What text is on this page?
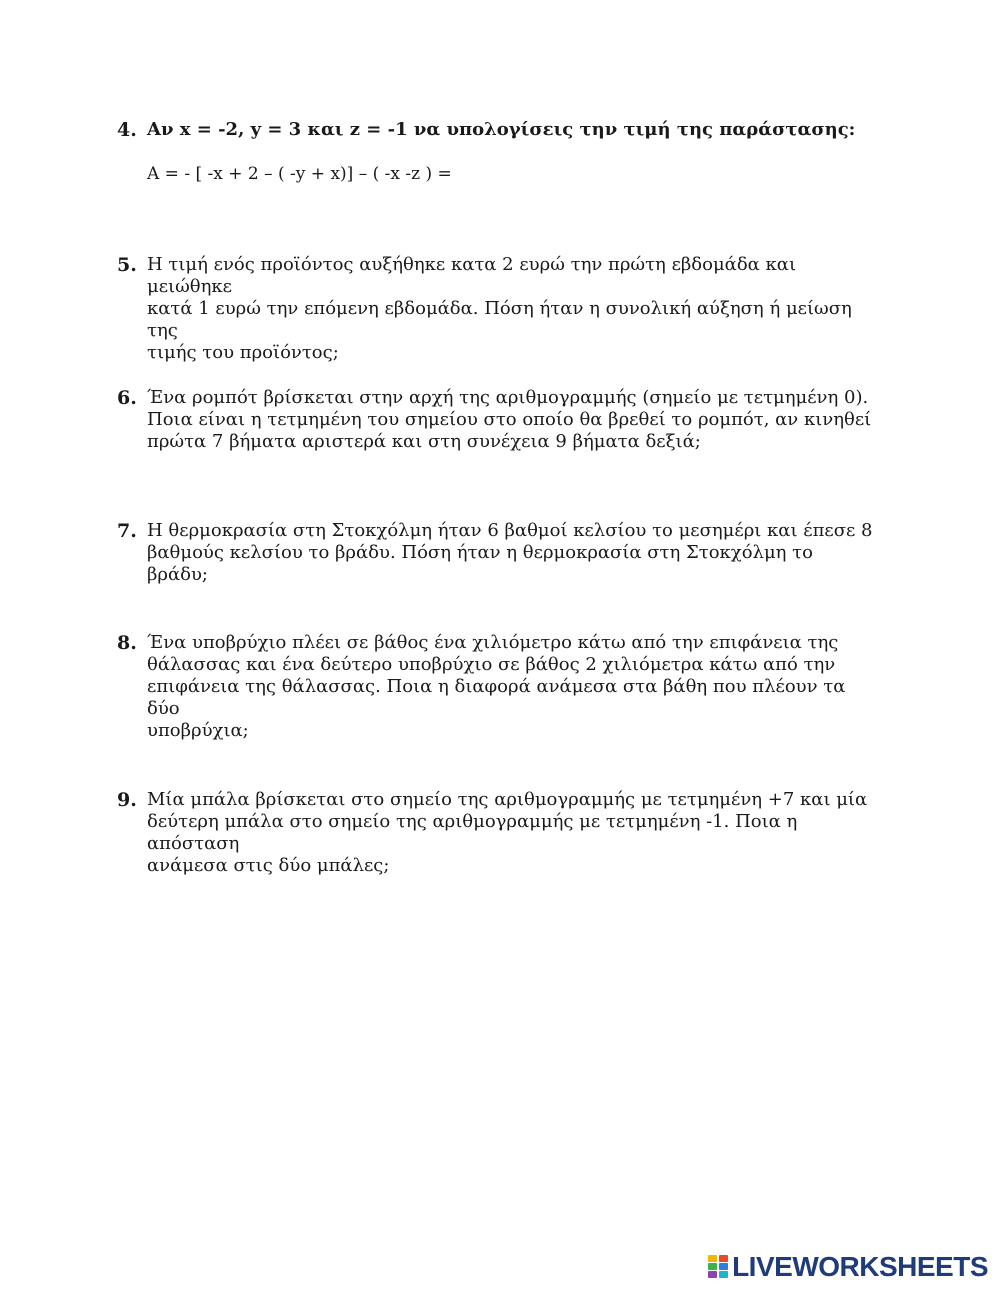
4. Αν x = -2, y = 3 και z = -1 να υπολογίσεις την τιμή της παράστασης:
Α = - [ -x + 2 – ( -y + x)] – ( -x -z ) =
5. Η τιμή ενός προϊόντος αυξήθηκε κατα 2 ευρώ την πρώτη εβδομάδα και μειώθηκε
κατά 1 ευρώ την επόμενη εβδομάδα. Πόση ήταν η συνολική αύξηση ή μείωση της
τιμής του προϊόντος;
6. Ένα ρομπότ βρίσκεται στην αρχή της αριθμογραμμής (σημείο με τετμημένη 0).
Ποια είναι η τετμημένη του σημείου στο οποίο θα βρεθεί το ρομπότ, αν κινηθεί
πρώτα 7 βήματα αριστερά και στη συνέχεια 9 βήματα δεξιά;
7. Η θερμοκρασία στη Στοκχόλμη ήταν 6 βαθμοί κελσίου το μεσημέρι και έπεσε 8
βαθμούς κελσίου το βράδυ. Πόση ήταν η θερμοκρασία στη Στοκχόλμη το βράδυ;
8. Ένα υποβρύχιο πλέει σε βάθος ένα χιλιόμετρο κάτω από την επιφάνεια της
θάλασσας και ένα δεύτερο υποβρύχιο σε βάθος 2 χιλιόμετρα κάτω από την
επιφάνεια της θάλασσας. Ποια η διαφορά ανάμεσα στα βάθη που πλέουν τα δύο
υποβρύχια;
9. Μία μπάλα βρίσκεται στο σημείο της αριθμογραμμής με τετμημένη +7 και μία
δεύτερη μπάλα στο σημείο της αριθμογραμμής με τετμημένη -1. Ποια η απόσταση
ανάμεσα στις δύο μπάλες;
LIVEWORKSHEETS
